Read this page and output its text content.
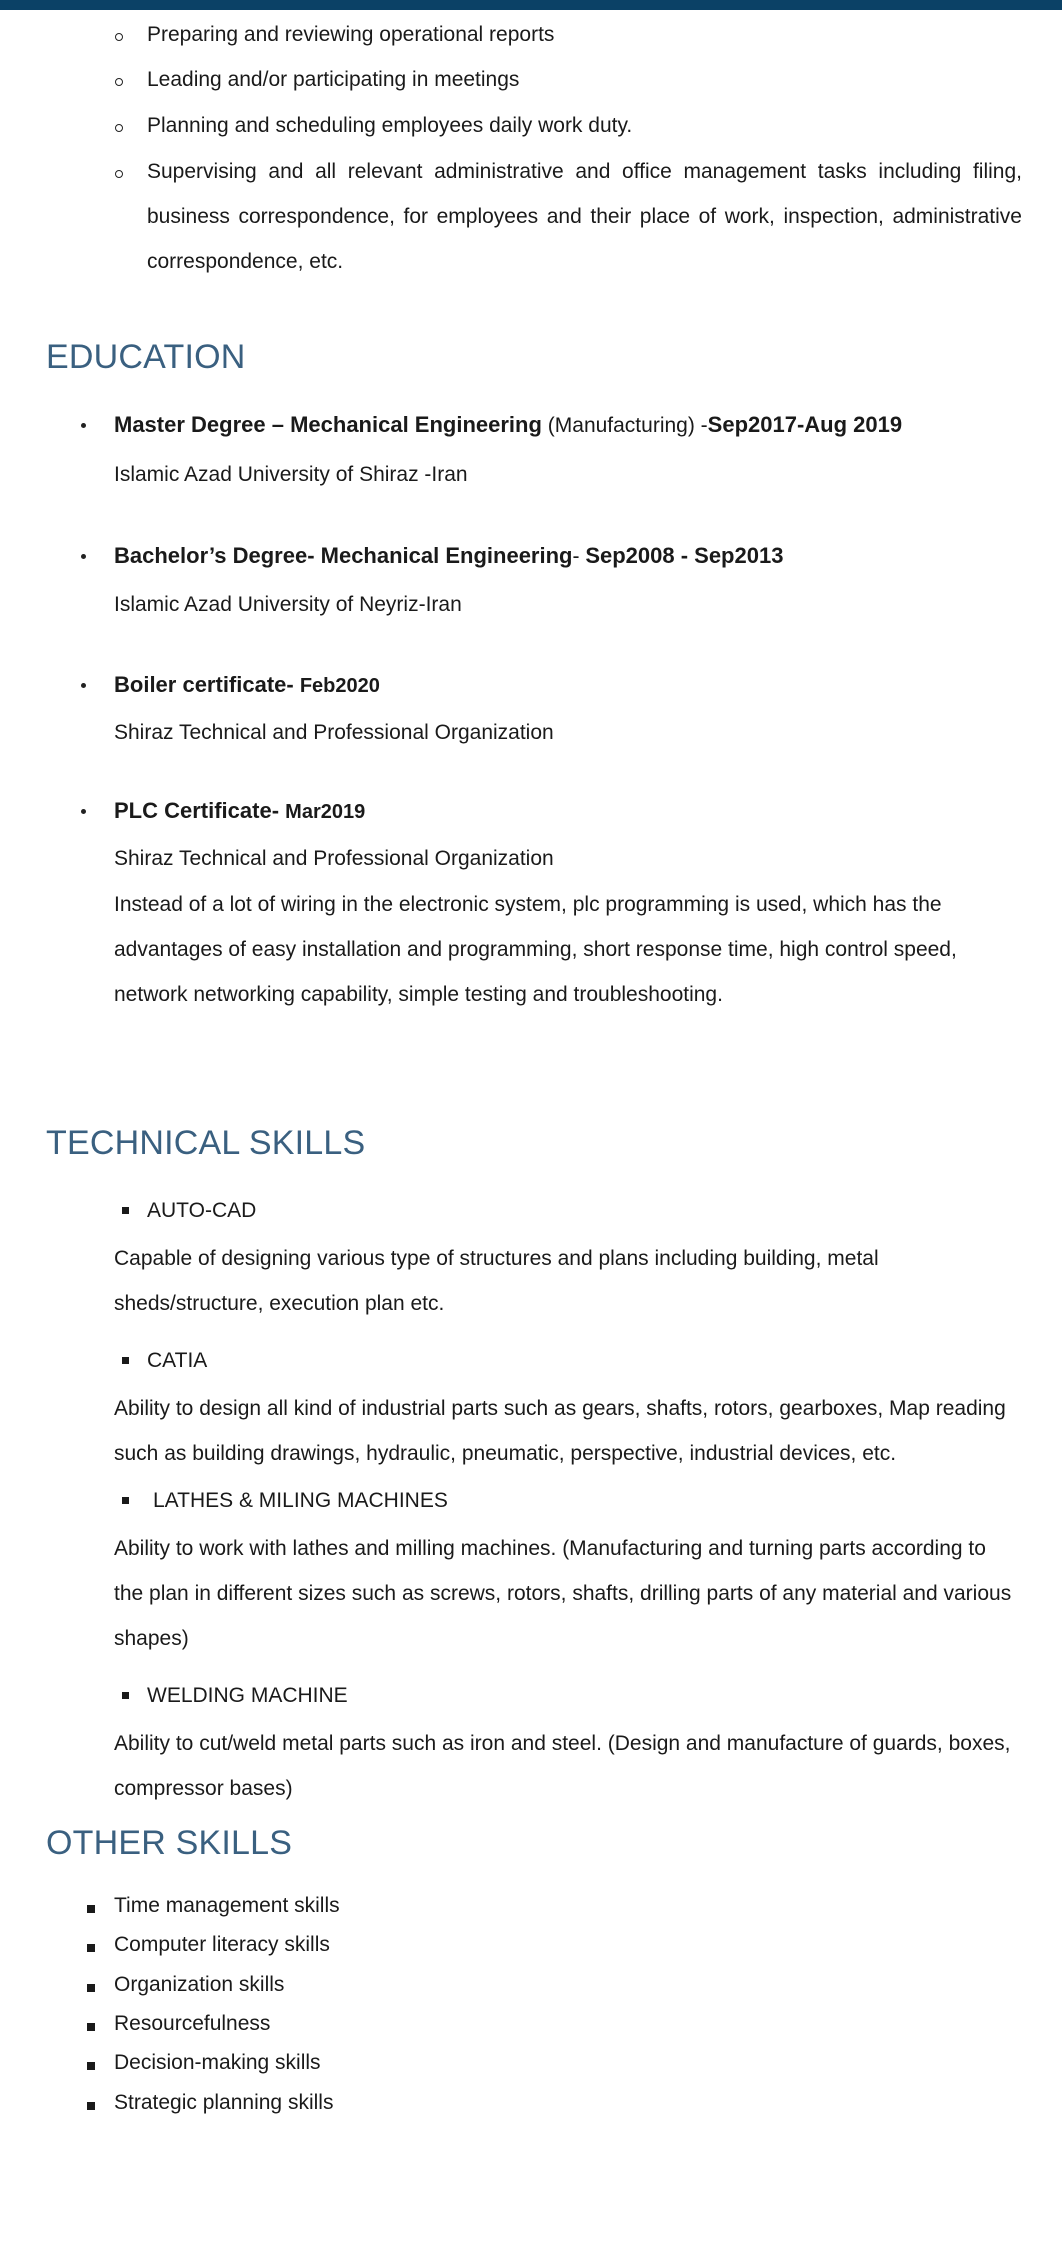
Preparing and reviewing operational reports
Leading and/or participating in meetings
Planning and scheduling employees daily work duty.
Supervising and all relevant administrative and office management tasks including filing, business correspondence, for employees and their place of work, inspection, administrative correspondence, etc.
EDUCATION
Master Degree – Mechanical Engineering (Manufacturing) -Sep2017-Aug 2019
Islamic Azad University of Shiraz -Iran
Bachelor’s Degree- Mechanical Engineering- Sep2008 - Sep2013
Islamic Azad University of Neyriz-Iran
Boiler certificate- Feb2020
Shiraz Technical and Professional Organization
PLC Certificate- Mar2019
Shiraz Technical and Professional Organization
Instead of a lot of wiring in the electronic system, plc programming is used, which has the advantages of easy installation and programming, short response time, high control speed, network networking capability, simple testing and troubleshooting.
TECHNICAL SKILLS
AUTO-CAD
Capable of designing various type of structures and plans including building, metal sheds/structure, execution plan etc.
CATIA
Ability to design all kind of industrial parts such as gears, shafts, rotors, gearboxes, Map reading such as building drawings, hydraulic, pneumatic, perspective, industrial devices, etc.
LATHES & MILING MACHINES
Ability to work with lathes and milling machines. (Manufacturing and turning parts according to the plan in different sizes such as screws, rotors, shafts, drilling parts of any material and various shapes)
WELDING MACHINE
Ability to cut/weld metal parts such as iron and steel. (Design and manufacture of guards, boxes, compressor bases)
OTHER SKILLS
Time management skills
Computer literacy skills
Organization skills
Resourcefulness
Decision-making skills
Strategic planning skills
